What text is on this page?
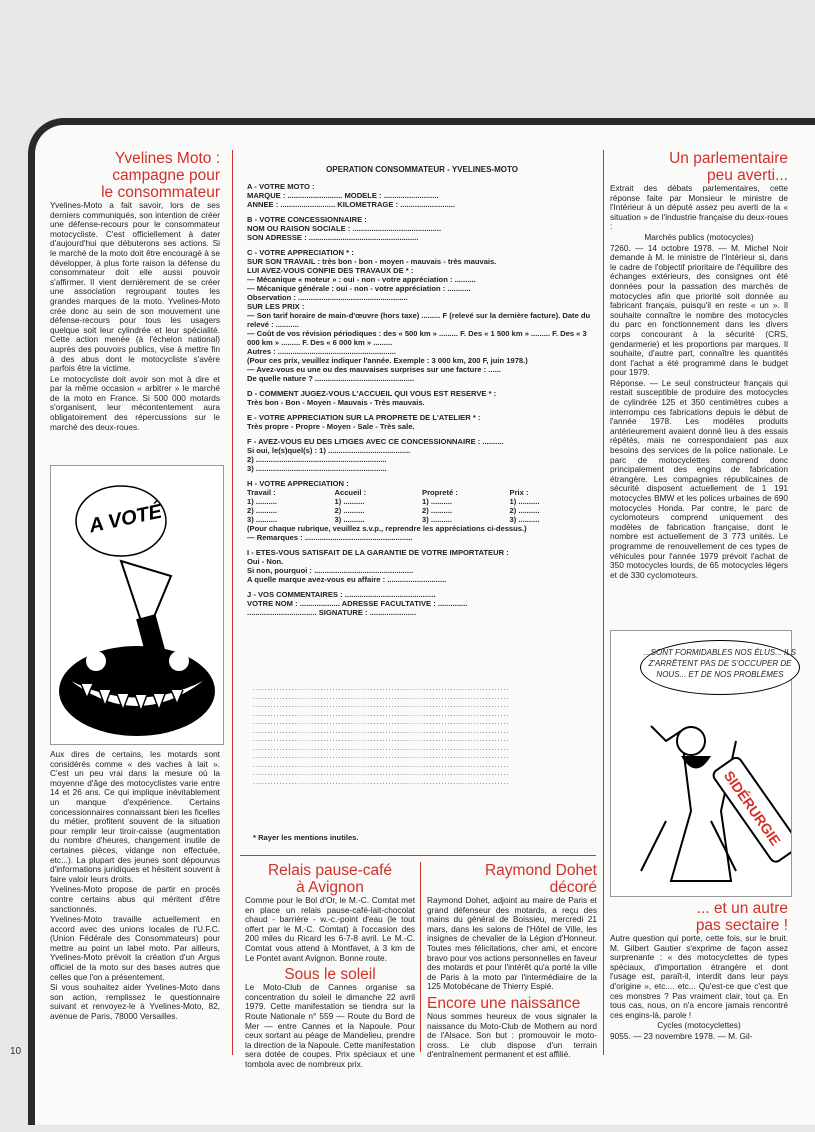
Yvelines Moto :
campagne pour
le consommateur

Yvelines-Moto a fait savoir, lors de ses derniers communiqués, son intention de créer une défense-recours pour le consommateur motocycliste. C'est officiellement à dater d'aujourd'hui que débuterons ses actions. Si le marché de la moto doit être encouragé à se développer, à plus forte raison la défense du consommateur doit elle aussi pouvoir s'affirmer. Il vient dernièrement de se créer une association regroupant toutes les grandes marques de la moto. Yvelines-Moto crée donc au sein de son mouvement une défense-recours pour tous les usagers quelque soit leur cylindrée et leur spécialité. Cette action menée (à l'échelon national) auprès des pouvoirs publics, vise à mettre fin à des abus dont le motocycliste s'avère parfois être la victime.

Le motocycliste doit avoir son mot à dire et par la même occasion « arbitrer » le marché de la moto en France. Si 500 000 motards s'organisent, leur mécontentement aura obligatoirement des répercussions sur le marché des deux-roues.

A VOTÉ

Aux dires de certains, les motards sont considérés comme « des vaches à lait ». C'est un peu vrai dans la mesure où la moyenne d'âge des motocyclistes varie entre 14 et 26 ans. Ce qui implique inévitablement un manque d'expérience. Certains concessionnaires connaissant bien les ficelles du métier, profitent souvent de la situation pour remplir leur tiroir-caisse (augmentation du nombre d'heures, changement inutile de certaines pièces, vidange non effectuée, etc...). La plupart des jeunes sont dépourvus d'informations juridiques et hésitent souvent à faire valoir leurs droits.

Yvelines-Moto propose de partir en procès contre certains abus qui méritent d'être sanctionnés.

Yvelines-Moto travaille actuellement en accord avec des unions locales de l'U.F.C. (Union Fédérale des Consommateurs) pour mettre au point un label moto. Par ailleurs, Yvelines-Moto prévoit la création d'un Argus officiel de la moto sur des bases autres que celles que l'on a présentement.

Si vous souhaitez aider Yvelines-Moto dans son action, remplissez le questionnaire suivant et renvoyez-le à Yvelines-Moto, 82, avenue de Paris, 78000 Versailles.

OPERATION CONSOMMATEUR - YVELINES-MOTO
A - VOTRE MOTO :
MARQUE : .......................... MODELE : ..........................
ANNEE : .......................... KILOMETRAGE : ..........................
B - VOTRE CONCESSIONNAIRE :
NOM OU RAISON SOCIALE : ..........................................
SON ADRESSE : ....................................................
C - VOTRE APPRECIATION * :
SUR SON TRAVAIL : très bon - bon - moyen - mauvais - très mauvais.
LUI AVEZ-VOUS CONFIE DES TRAVAUX DE * :
— Mécanique « moteur » : oui - non - votre appréciation : ..........
— Mécanique générale : oui - non - votre appréciation : ...........
Observation : ....................................................
SUR LES PRIX :
— Son tarif horaire de main-d'œuvre (hors taxe) ......... F (relevé sur la dernière facture). Date du relevé : ...........
— Coût de vos révision périodiques : des « 500 km » ......... F. Des « 1 500 km » ......... F. Des « 3 000 km » ......... F. Des « 6 000 km » .........
Autres : ........................................................
(Pour ces prix, veuillez indiquer l'année. Exemple : 3 000 km, 200 F, juin 1978.)
— Avez-vous eu une ou des mauvaises surprises sur une facture : ......
De quelle nature ? ...............................................
D - COMMENT JUGEZ-VOUS L'ACCUEIL QUI VOUS EST RESERVE * :
Très bon - Bon - Moyen - Mauvais - Très mauvais.
E - VOTRE APPRECIATION SUR LA PROPRETE DE L'ATELIER * :
Très propre - Propre - Moyen - Sale - Très sale.
F - AVEZ-VOUS EU DES LITIGES AVEC CE CONCESSIONNAIRE : ..........
Si oui, le(s)quel(s) : 1) .......................................
2) ..............................................................
3) ..............................................................
H - VOTRE APPRECIATION :
Travail :	Accueil :	Propreté :	Prix :
1) ..........	1) ..........	1) ..........	1) ..........
2) ..........	2) ..........	2) ..........	2) ..........
3) ..........	3) ..........	3) ..........	3) ..........
(Pour chaque rubrique, veuillez s.v.p., reprendre les appréciations ci-dessus.)
— Remarques : ...................................................
I - ETES-VOUS SATISFAIT DE LA GARANTIE DE VOTRE IMPORTATEUR :
Oui - Non.
Si non, pourquoi : ...............................................
A quelle marque avez-vous eu affaire : ............................
J - VOS COMMENTAIRES : ...........................................
VOTRE NOM : ................... ADRESSE FACULTATIVE : ..............
................................. SIGNATURE : ......................
.......................................................................................
.......................................................................................
.......................................................................................
.......................................................................................
.......................................................................................
.......................................................................................
.......................................................................................
.......................................................................................
.......................................................................................
.......................................................................................
.......................................................................................
.......................................................................................
* Rayer les mentions inutiles.
Relais pause-café
à Avignon

Comme pour le Bol d'Or, le M.-C. Comtat met en place un relais pause-café-lait-chocolat chaud - barrière - w.-c.-point d'eau (le tout offert par le M.-C. Comtat) à l'occasion des 200 miles du Ricard les 6-7-8 avril. Le M.-C. Comtat vous attend à Montfavet, à 3 km de Le Pontet avant Avignon. Bonne route.

Sous le soleil

Le Moto-Club de Cannes organise sa concentration du soleil le dimanche 22 avril 1979. Cette manifestation se tiendra sur la Route Nationale n° 559 — Route du Bord de Mer — entre Cannes et la Napoule. Pour ceux sortant au péage de Mandelieu, prendre la direction de la Napoule. Cette manifestation sera dotée de coupes. Prix spéciaux et une tombola avec de nombreux prix.

Raymond Dohet
décoré

Raymond Dohet, adjoint au maire de Paris et grand défenseur des motards, a reçu des mains du général de Boissieu, mercredi 21 mars, dans les salons de l'Hôtel de Ville, les insignes de chevalier de la Légion d'Honneur. Toutes mes félicitations, cher ami, et encore bravo pour vos actions personnelles en faveur des motards et pour l'intérêt qu'a porté la ville de Paris à la moto par l'intermédiaire de la 125 Motobécane de Thierry Espié.

Encore une naissance

Nous sommes heureux de vous signaler la naissance du Moto-Club de Mothern au nord de l'Alsace. Son but : promouvoir le moto-cross. Le club dispose d'un terrain d'entraînement permanent et est affilié.

Un parlementaire
peu averti...

Extrait des débats parlementaires, cette réponse faite par Monsieur le ministre de l'Intérieur à un député assez peu averti de la « situation » de l'industrie française du deux-roues :

Marchés publics (motocycles)

7260. — 14 octobre 1978. — M. Michel Noir demande à M. le ministre de l'Intérieur si, dans le cadre de l'objectif prioritaire de l'équilibre des échanges extérieurs, des consignes ont été données pour la passation des marchés de motocycles afin que priorité soit donnée au fabricant français, puisqu'il en reste « un ». Il souhaite connaître le nombre des motocycles du parc en fonctionnement dans les divers corps concourant à la sécurité (CRS, gendarmerie) et les proportions par marques. Il souhaite, d'autre part, connaître les quantités dont l'achat a été programmé dans le budget pour 1979.

Réponse. — Le seul constructeur français qui restait susceptible de produire des motocycles de cylindrée 125 et 350 centimètres cubes a interrompu ces fabrications depuis le début de l'année 1978. Les modèles produits antérieurement avaient donné lieu à des essais répétés, mais ne correspondaient pas aux besoins des services de la police nationale. Le parc de motocyclettes comprend donc principalement des engins de fabrication étrangère. Les compagnies républicaines de sécurité disposent actuellement de 1 191 motocycles BMW et les polices urbaines de 690 motocycles Honda. Par contre, le parc de cyclomoteurs comprend uniquement des modèles de fabrication française, dont le nombre est actuellement de 3 773 unités. Le programme de renouvellement de ces types de véhicules pour l'année 1979 prévoit l'achat de 350 motocycles lourds, de 65 motocycles légers et de 330 cyclomoteurs.

SIDÉRURGIE
...SONT FORMIDABLES NOS ÉLUS... ILS Z'ARRÊTENT PAS DE S'OCCUPER DE NOUS... ET DE NOS PROBLÈMES
... et un autre
pas sectaire !

Autre question qui porte, cette fois, sur le bruit. M. Gilbert Gautier s'exprime de façon assez surprenante : « des motocyclettes de types spéciaux, d'importation étrangère et dont l'usage est, paraît-il, interdit dans leur pays d'origine », etc.... etc... Qu'est-ce que c'est que ces monstres ? Pas vraiment clair, tout ça. En tous cas, nous, on n'a encore jamais rencontré ces engins-là, parole !

Cycles (motocyclettes)

9055. — 23 novembre 1978. — M. Gil-

10
